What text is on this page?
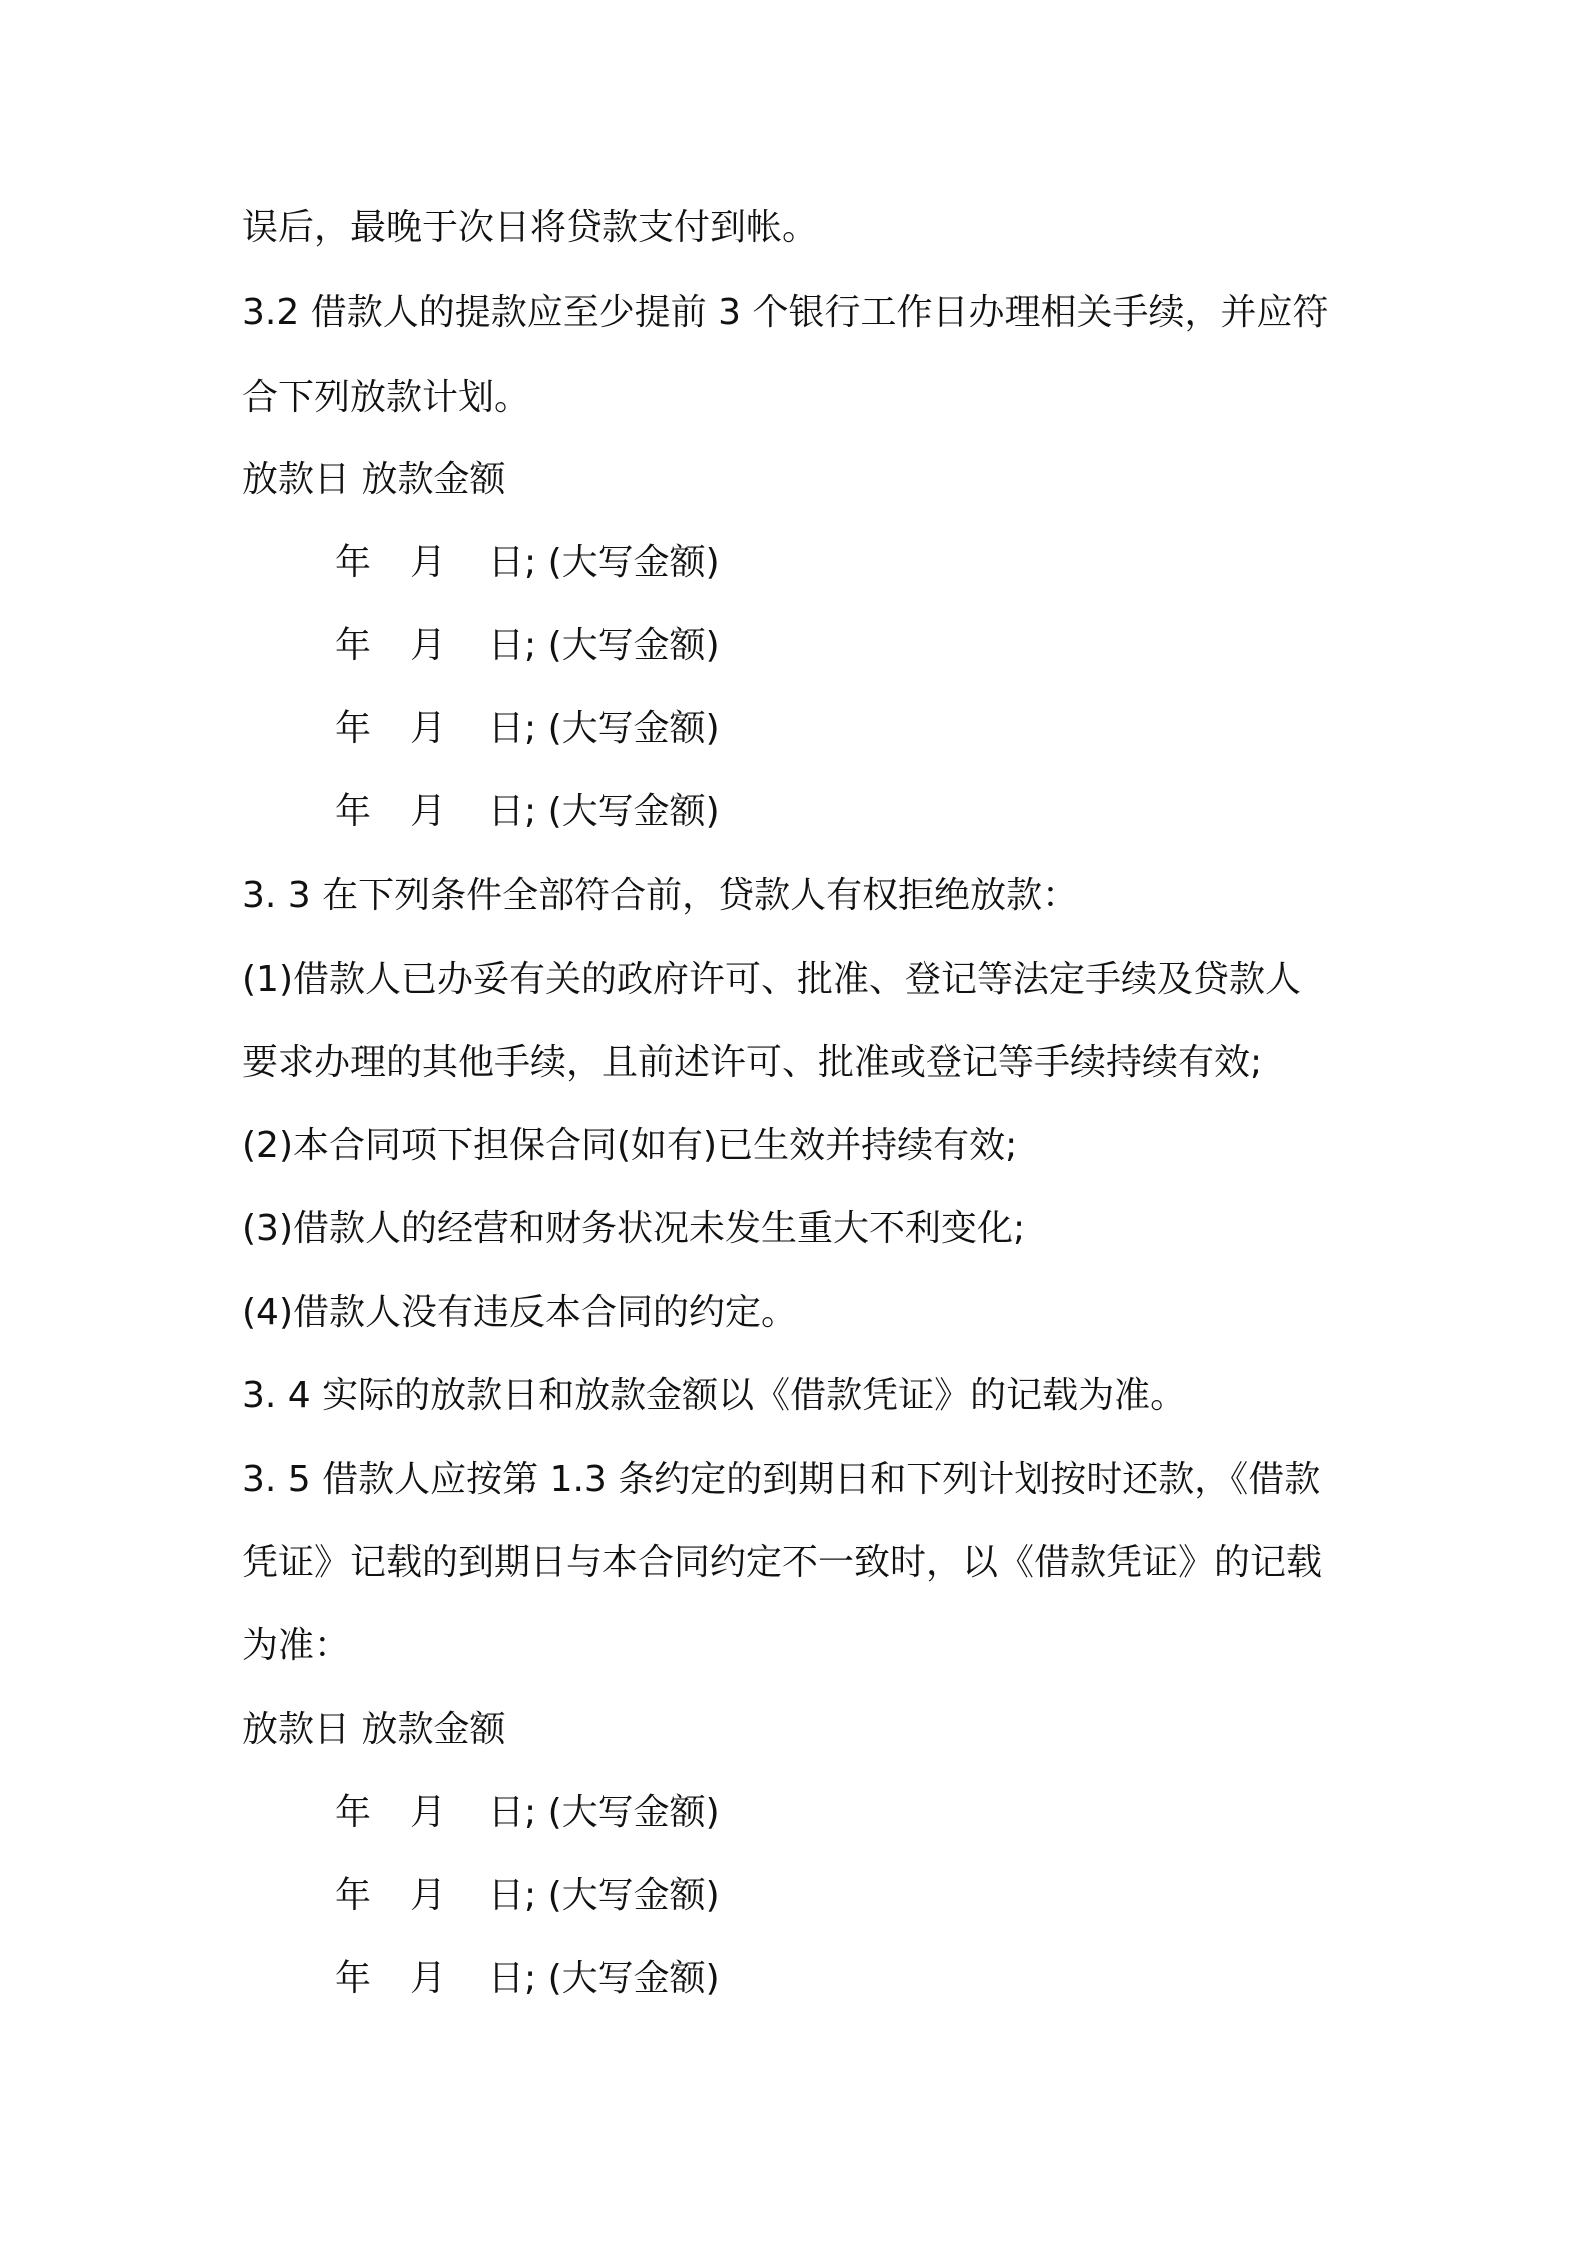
误后，最晚于次日将贷款支付到帐。
3.2 借款人的提款应至少提前 3 个银行工作日办理相关手续，并应符
合下列放款计划。
放款日 放款金额
年 月 日; (大写金额)
年 月 日; (大写金额)
年 月 日; (大写金额)
年 月 日; (大写金额)
3. 3 在下列条件全部符合前，贷款人有权拒绝放款：
(1)借款人已办妥有关的政府许可、批准、登记等法定手续及贷款人
要求办理的其他手续，且前述许可、批准或登记等手续持续有效;
(2)本合同项下担保合同(如有)已生效并持续有效;
(3)借款人的经营和财务状况未发生重大不利变化;
(4)借款人没有违反本合同的约定。
3. 4 实际的放款日和放款金额以《借款凭证》的记载为准。
3. 5 借款人应按第 1.3 条约定的到期日和下列计划按时还款，《借款
凭证》记载的到期日与本合同约定不一致时，以《借款凭证》的记载
为准：
放款日 放款金额
年 月 日; (大写金额)
年 月 日; (大写金额)
年 月 日; (大写金额)
